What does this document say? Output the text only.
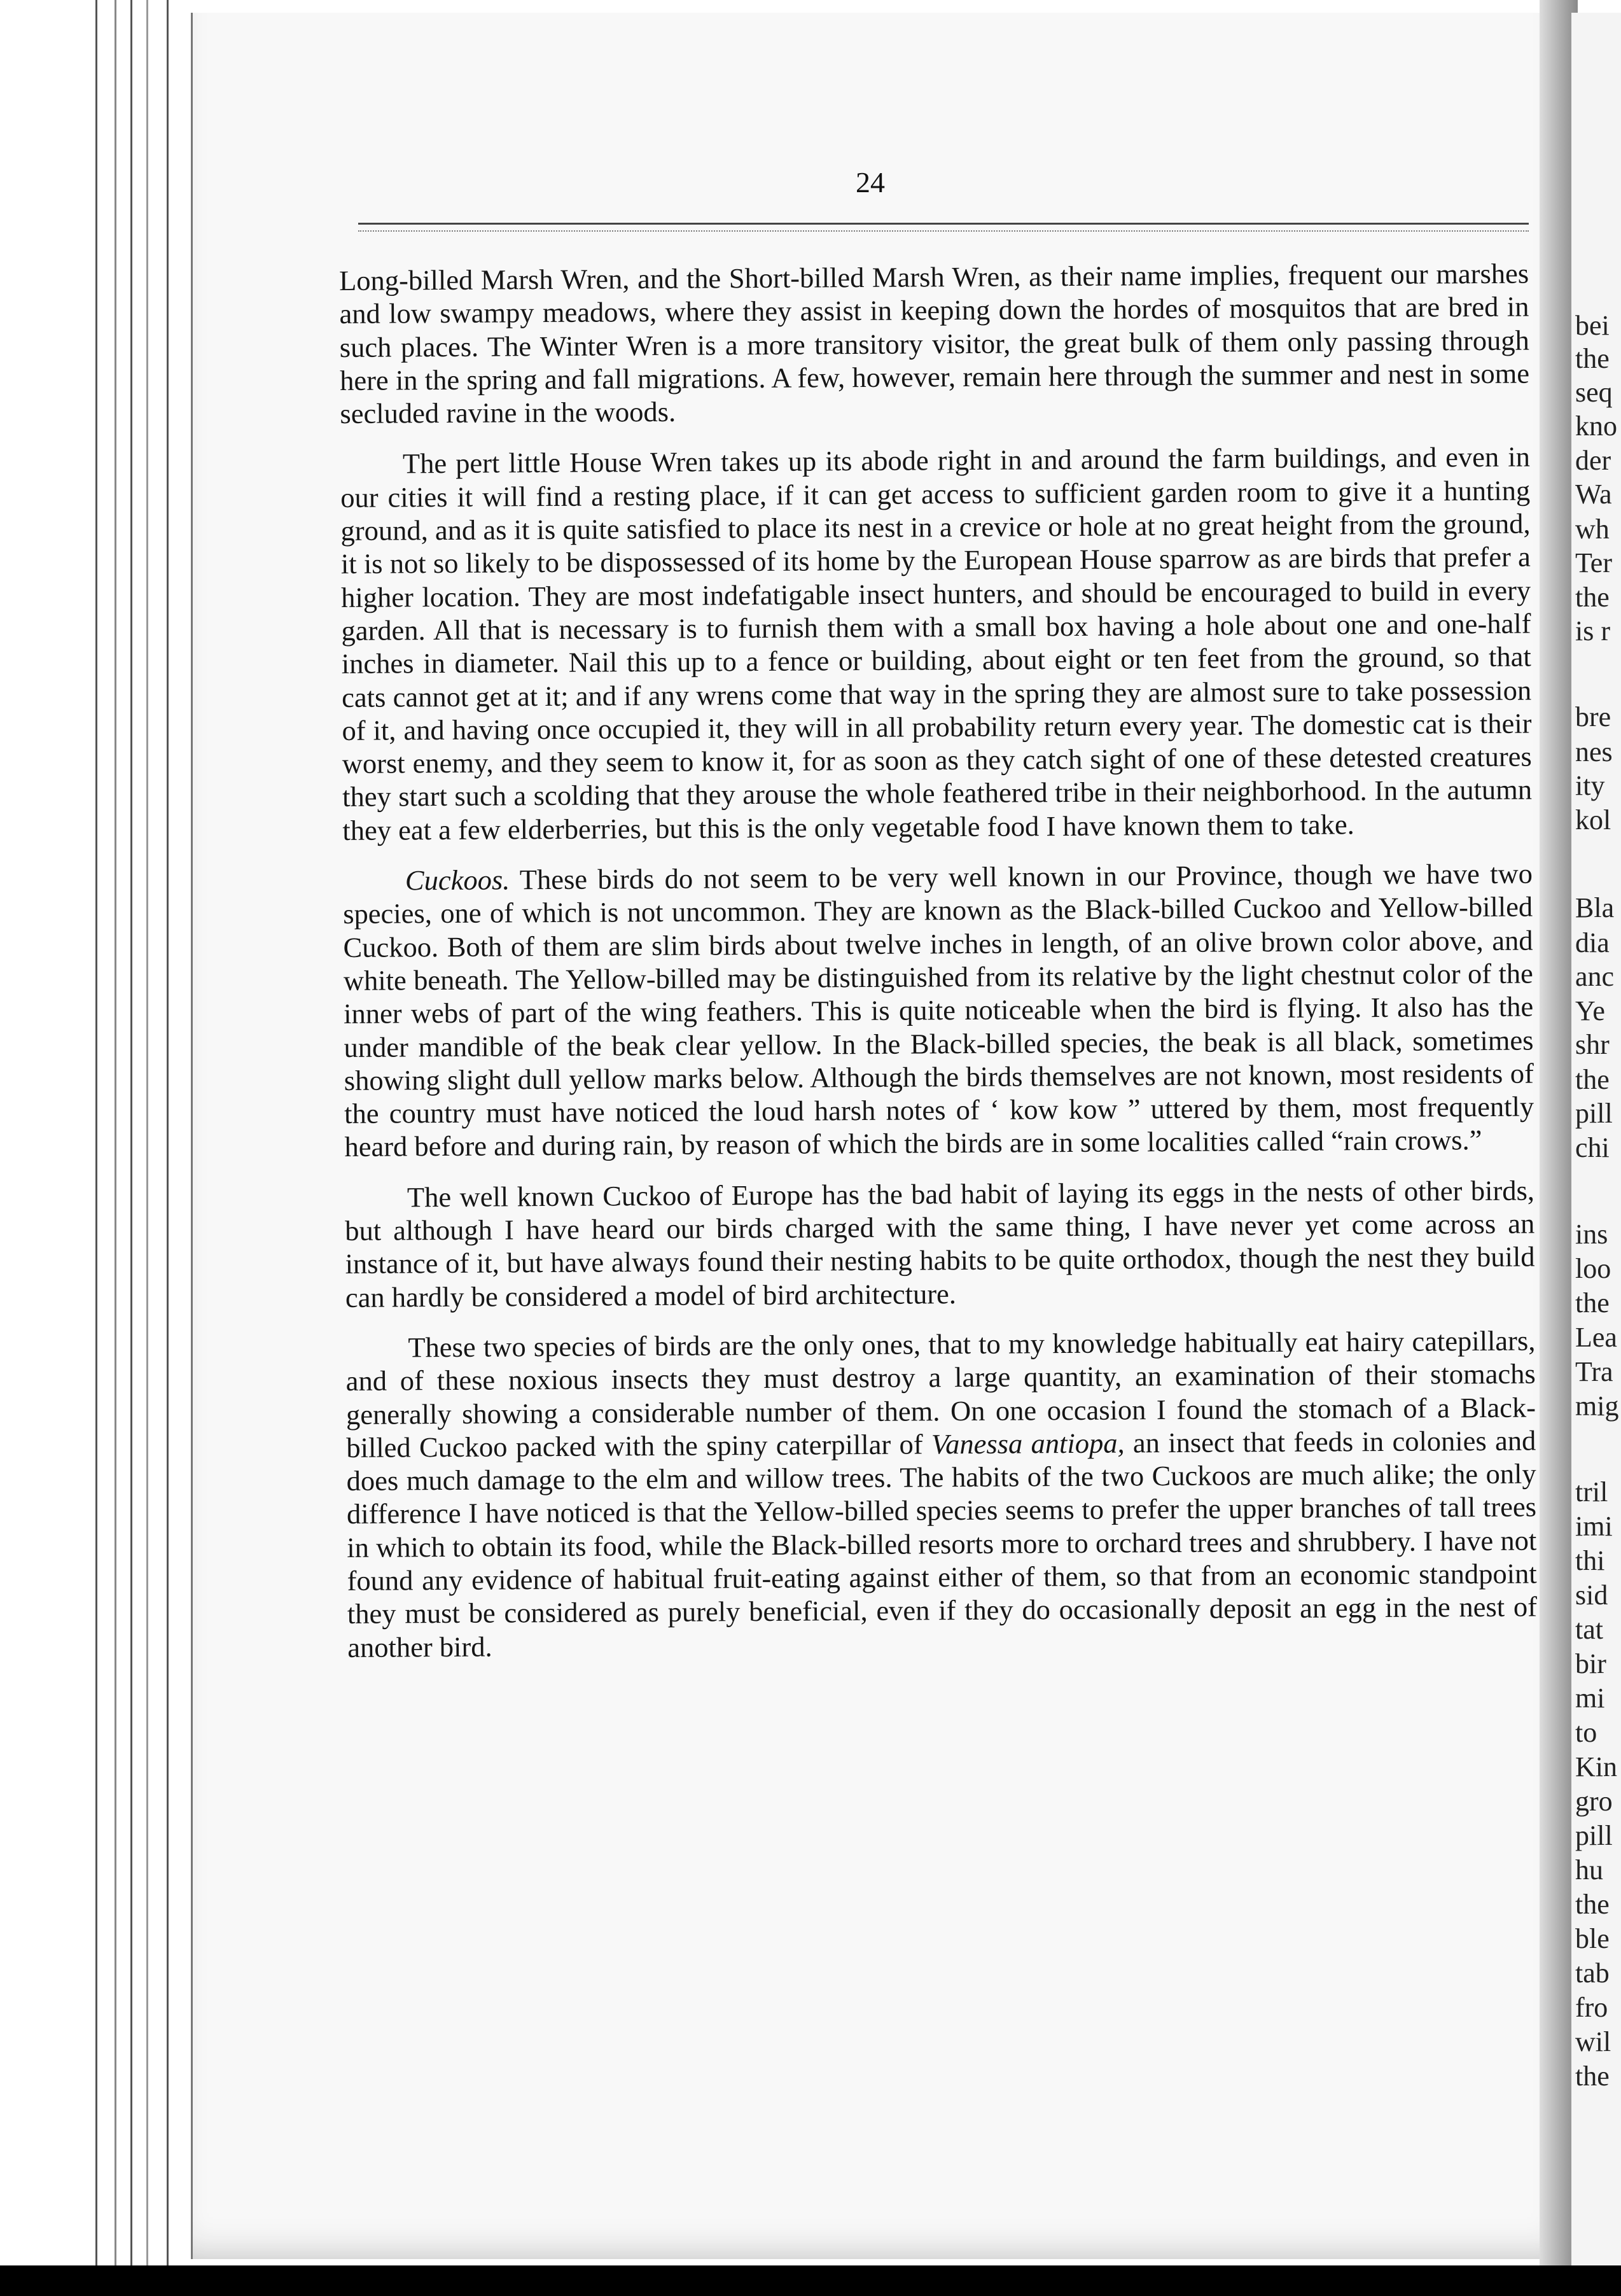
24

Long-billed Marsh Wren, and the Short-billed Marsh Wren, as their name implies, frequent our marshes and low swampy meadows, where they assist in keeping down the hordes of mosquitos that are bred in such places. The Winter Wren is a more transitory visitor, the great bulk of them only passing through here in the spring and fall migrations. A few, however, remain here through the summer and nest in some secluded ravine in the woods.

The pert little House Wren takes up its abode right in and around the farm buildings, and even in our cities it will find a resting place, if it can get access to sufficient garden room to give it a hunting ground, and as it is quite satisfied to place its nest in a crevice or hole at no great height from the ground, it is not so likely to be dispossessed of its home by the European House sparrow as are birds that prefer a higher location. They are most indefatigable insect hunters, and should be encouraged to build in every garden. All that is necessary is to furnish them with a small box having a hole about one and one-half inches in diameter. Nail this up to a fence or building, about eight or ten feet from the ground, so that cats cannot get at it; and if any wrens come that way in the spring they are almost sure to take possession of it, and having once occupied it, they will in all probability return every year. The domestic cat is their worst enemy, and they seem to know it, for as soon as they catch sight of one of these detested creatures they start such a scolding that they arouse the whole feathered tribe in their neighborhood. In the autumn they eat a few elderberries, but this is the only vegetable food I have known them to take.

Cuckoos. These birds do not seem to be very well known in our Province, though we have two species, one of which is not uncommon. They are known as the Black-billed Cuckoo and Yellow-billed Cuckoo. Both of them are slim birds about twelve inches in length, of an olive brown color above, and white beneath. The Yellow-billed may be distinguished from its relative by the light chestnut color of the inner webs of part of the wing feathers. This is quite noticeable when the bird is flying. It also has the under mandible of the beak clear yellow. In the Black-billed species, the beak is all black, sometimes showing slight dull yellow marks below. Although the birds themselves are not known, most residents of the country must have noticed the loud harsh notes of ‘ kow kow ” uttered by them, most frequently heard before and during rain, by reason of which the birds are in some localities called “rain crows.”

The well known Cuckoo of Europe has the bad habit of laying its eggs in the nests of other birds, but although I have heard our birds charged with the same thing, I have never yet come across an instance of it, but have always found their nesting habits to be quite orthodox, though the nest they build can hardly be considered a model of bird architecture.

These two species of birds are the only ones, that to my knowledge habitually eat hairy catepillars, and of these noxious insects they must destroy a large quantity, an examination of their stomachs generally showing a considerable number of them. On one occasion I found the stomach of a Black-billed Cuckoo packed with the spiny caterpillar of Vanessa antiopa, an insect that feeds in colonies and does much damage to the elm and willow trees. The habits of the two Cuckoos are much alike; the only difference I have noticed is that the Yellow-billed species seems to prefer the upper branches of tall trees in which to obtain its food, while the Black-billed resorts more to orchard trees and shrubbery. I have not found any evidence of habitual fruit-eating against either of them, so that from an economic standpoint they must be considered as purely beneficial, even if they do occasionally deposit an egg in the nest of another bird.

bei
the
seq
kno
der
Wa
wh
Ter
the
is r
bre
nes
ity
kol
Bla
dia
anc
Ye
shr
the
pill
chi
ins
loo
the
Lea
Tra
mig
tril
imi
thi
sid
tat
bir
mi
to
Kin
gro
pill
hu
the
ble
tab
fro
wil
the
